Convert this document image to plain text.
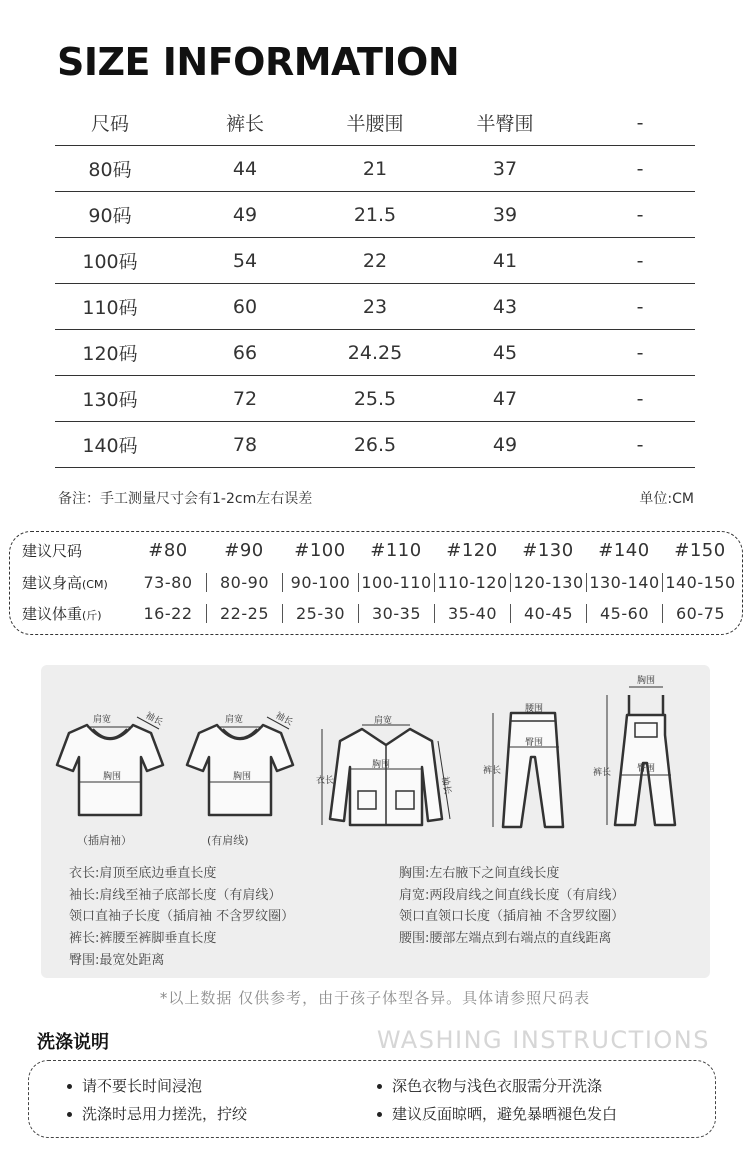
SIZE INFORMATION
尺码	裤长	半腰围	半臀围	-
80码	44	21	37	-
90码	49	21.5	39	-
100码	54	22	41	-
110码	60	23	43	-
120码	66	24.25	45	-
130码	72	25.5	47	-
140码	78	26.5	49	-
备注：手工测量尺寸会有1-2cm左右误差	单位:CM
建议尺码	#80	#90	#100	#110	#120	#130	#140	#150
建议身高(CM)	73-80	80-90	90-100 100-110 110-120 120-130 130-140 140-150
建议体重(斤)	16-22	22-25	25-30	30-35	35-40	40-45	45-60	60-75
肩宽
胸围
袖长
（插肩袖）
肩宽
胸围
袖长
(有肩线)
肩宽
胸围
衣长	袖长
腰围
臀围
裤长
胸围
臀围
裤长
衣长:肩顶至底边垂直长度
袖长:肩线至袖子底部长度（有肩线）
领口直袖子长度（插肩袖 不含罗纹圈）
裤长:裤腰至裤脚垂直长度
臀围:最宽处距离
胸围:左右腋下之间直线长度
肩宽:两段肩线之间直线长度（有肩线）
领口直领口长度（插肩袖 不含罗纹圈）
腰围:腰部左端点到右端点的直线距离
*以上数据 仅供参考，由于孩子体型各异。具体请参照尺码表
洗涤说明	WASHING INSTRUCTIONS
请不要长时间浸泡
洗涤时忌用力搓洗，拧绞
深色衣物与浅色衣服需分开洗涤
建议反面晾晒，避免暴晒褪色发白
